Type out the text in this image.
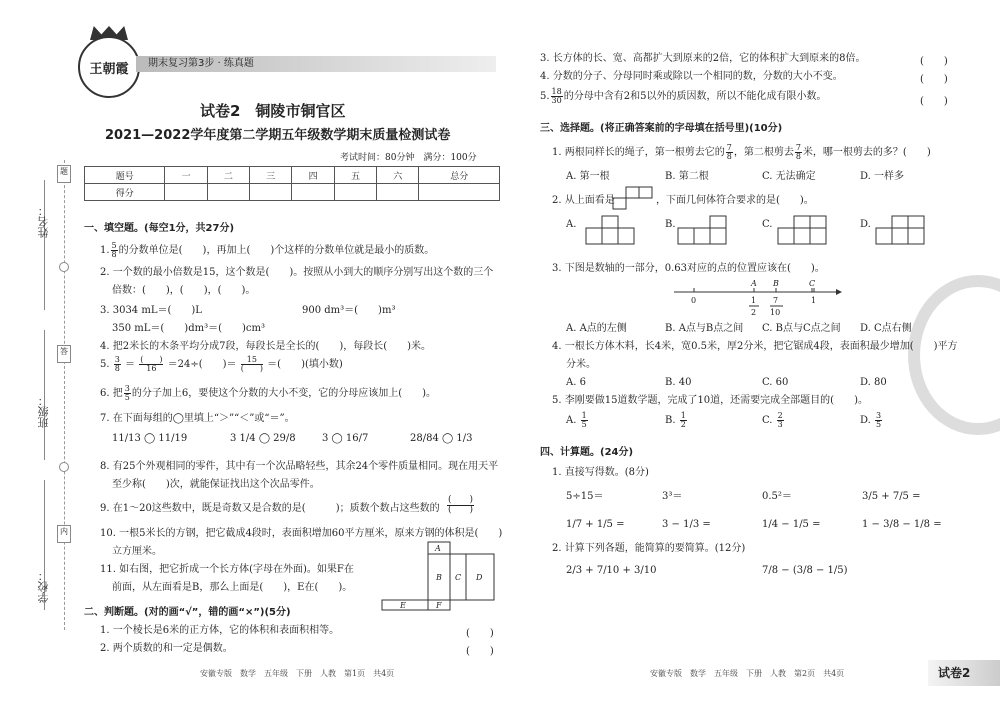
姓名：
班级：
学校：
题
答
内
王朝霞	期末复习第3步 · 练真题
试卷2　铜陵市铜官区
2021—2022学年度第二学期五年级数学期末质量检测试卷
考试时间：80分钟　满分：100分
题号	一	二	三	四	五	六	总分
得分							
一、填空题。(每空1分，共27分)
1. $\frac{5}{8}$ 的分数单位是(　　)，再加上(　　)个这样的分数单位就是最小的质数。
2. 一个数的最小倍数是15，这个数是(　　)。按照从小到大的顺序分别写出这个数的三个
倍数：(　　)，(　　)，(　　)。
3. 3034 mL＝(　　)L	900 dm³＝(　　)m³
350 mL＝(　　)dm³＝(　　)cm³
4. 把2米长的木条平均分成7段，每段长是全长的(　　)，每段长(　　)米。
5. $\frac{3}{8}$ ＝ (　　)
16	＝24÷(　　)＝	15
(　　) ＝(　　)(填小数)
6. 把 $\frac{3}{5}$ 的分子加上6，要使这个分数的大小不变，它的分母应该加上(　　)。
7. 在下面每组的◯里填上“＞”“＜”或“＝”。
11/13 ◯ 11/19	3 1/4 ◯ 29/8	3 ◯ 16/7	28/84 ◯ 1/3
8. 有25个外观相同的零件，其中有一个次品略轻些，其余24个零件质量相同。现在用天平
至少称(　　)次，就能保证找出这个次品零件。
9. 在1～20这些数中，既是奇数又是合数的是(　　　)；质数个数占这些数的
(　　)
(　　)
10. 一根5米长的方钢，把它截成4段时，表面积增加60平方厘米，原来方钢的体积是(　　)
立方厘米。
11. 如右图，把它折成一个长方体(字母在外面)。如果F在
前面，从左面看是B，那么上面是(　　)，E在(　　)。
A
B C D
E	F
二、判断题。(对的画“√”，错的画“×”)(5分)
1. 一个棱长是6米的正方体，它的体积和表面积相等。	(　　)
2. 两个质数的和一定是偶数。	(　　)
安徽专版　数学　五年级　下册　人教　第1页　共4页
3. 长方体的长、宽、高都扩大到原来的2倍，它的体积扩大到原来的8倍。	(　　)
4. 分数的分子、分母同时乘或除以一个相同的数，分数的大小不变。	(　　)
5. $\frac{18}{30}$ 的分母中含有2和5以外的质因数，所以不能化成有限小数。	(　　)
三、选择题。(将正确答案前的字母填在括号里)(10分)
1. 两根同样长的绳子，第一根剪去它的 $\frac{7}{8}$ ，第二根剪去 $\frac{7}{8}$ 米，哪一根剪去的多？(　　)
A. 第一根	B. 第二根	C. 无法确定	D. 一样多
2. 从上面看是	，下面几何体符合要求的是(　　)。
A.	B.	C.	D.
3. 下图是数轴的一部分，0.63对应的点的位置应该在(　　)。
A B	C
0	1
1
2
7
10
A. A点的左侧	B. A点与B点之间 C. B点与C点之间 D. C点右侧
4. 一根长方体木料，长4米，宽0.5米，厚2分米，把它锯成4段，表面积最少增加(　　)平方
分米。
A. 6	B. 40	C. 60	D. 80
5. 李刚要做15道数学题，完成了10道，还需要完成全部题目的(　　)。
A. $\frac{1}{5}$	B. $\frac{1}{2}$	C. $\frac{2}{3}$	D. $\frac{3}{5}$
四、计算题。(24分)
1. 直接写得数。(8分)
5÷15＝	3³＝	0.5²＝	3/5 + 7/5 =
1/7 + 1/5 =	3 − 1/3 =	1/4 − 1/5 =	1 − 3/8 − 1/8 =
2. 计算下列各题，能简算的要简算。(12分)
2/3 + 7/10 + 3/10	7/8 − (3/8 − 1/5)
安徽专版　数学　五年级　下册　人教　第2页　共4页	试卷2
